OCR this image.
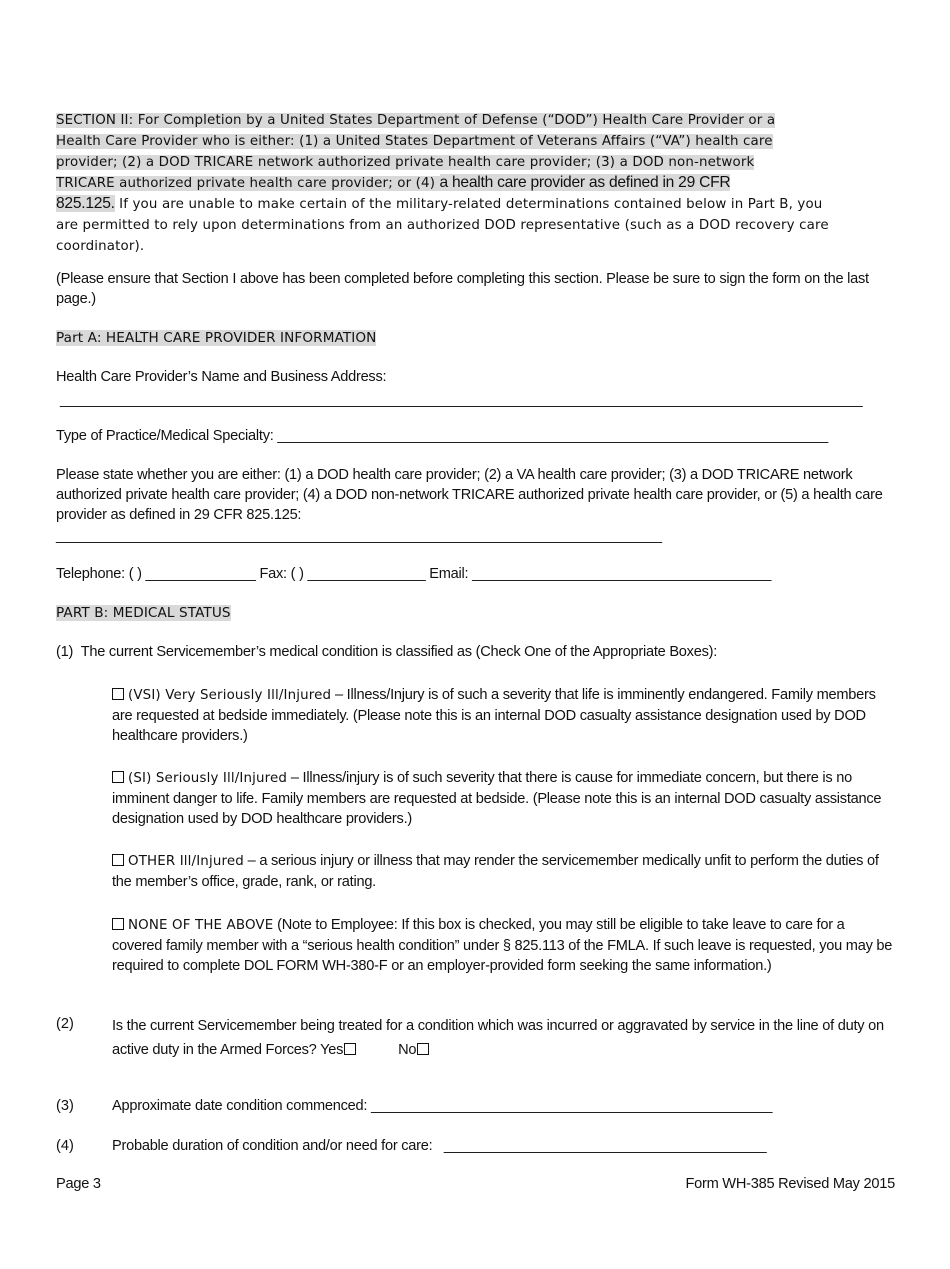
SECTION II: For Completion by a United States Department of Defense (“DOD”) Health Care Provider or a
Health Care Provider who is either: (1) a United States Department of Veterans Affairs (“VA”) health care
provider; (2) a DOD TRICARE network authorized private health care provider; (3) a DOD non-network
TRICARE authorized private health care provider; or (4) a health care provider as defined in 29 CFR
825.125. If you are unable to make certain of the military-related determinations contained below in Part B, you
are permitted to rely upon determinations from an authorized DOD representative (such as a DOD recovery care
coordinator).
(Please ensure that Section I above has been completed before completing this section. Please be sure to sign the form on the last page.)
Part A: HEALTH CARE PROVIDER INFORMATION
Health Care Provider’s Name and Business Address:
______________________________________________________________________________________________________
Type of Practice/Medical Specialty: ______________________________________________________________________
Please state whether you are either: (1) a DOD health care provider; (2) a VA health care provider; (3) a DOD TRICARE network authorized private health care provider; (4) a DOD non-network TRICARE authorized private health care provider, or (5) a health care provider as defined in 29 CFR 825.125:
_____________________________________________________________________________
Telephone: ( ) ______________ Fax: ( ) _______________ Email: ______________________________________
PART B: MEDICAL STATUS
(1) The current Servicemember’s medical condition is classified as (Check One of the Appropriate Boxes):
(VSI) Very Seriously Ill/Injured – Illness/Injury is of such a severity that life is imminently endangered. Family members are requested at bedside immediately. (Please note this is an internal DOD casualty assistance designation used by DOD healthcare providers.)
(SI) Seriously Ill/Injured – Illness/injury is of such severity that there is cause for immediate concern, but there is no imminent danger to life. Family members are requested at bedside. (Please note this is an internal DOD casualty assistance designation used by DOD healthcare providers.)
OTHER Ill/Injured – a serious injury or illness that may render the servicemember medically unfit to perform the duties of the member’s office, grade, rank, or rating.
NONE OF THE ABOVE (Note to Employee: If this box is checked, you may still be eligible to take leave to care for a covered family member with a “serious health condition” under § 825.113 of the FMLA. If such leave is requested, you may be required to complete DOL FORM WH-380-F or an employer-provided form seeking the same information.)
(2)	Is the current Servicemember being treated for a condition which was incurred or aggravated by service in the line of duty on active duty in the Armed Forces? Yes	No
(3)	Approximate date condition commenced: ___________________________________________________
(4)	Probable duration of condition and/or need for care:   _________________________________________
Page 3	Form WH-385 Revised May 2015
